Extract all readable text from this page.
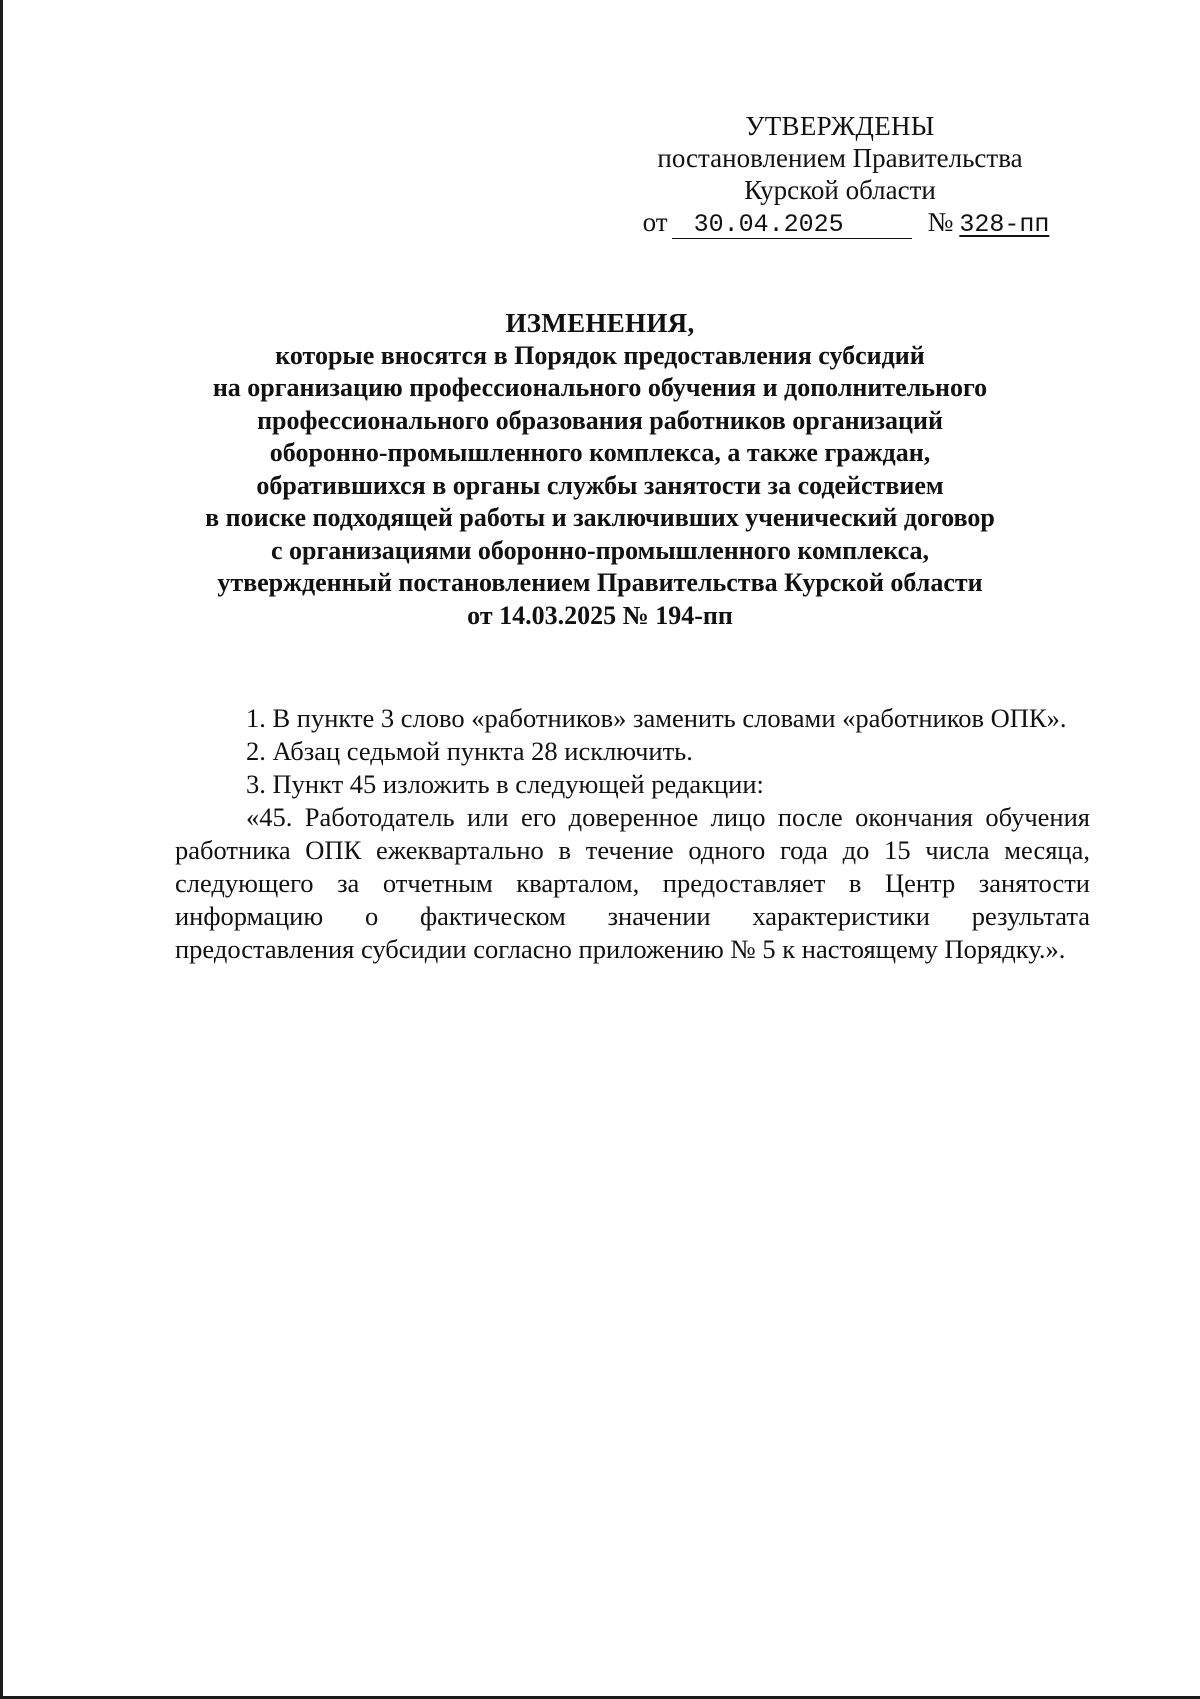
УТВЕРЖДЕНЫ
постановлением Правительства
Курской области
от	30.04.2025	№ 328-пп
ИЗМЕНЕНИЯ,
которые вносятся в Порядок предоставления субсидий
на организацию профессионального обучения и дополнительного
профессионального образования работников организаций
оборонно-промышленного комплекса, а также граждан,
обратившихся в органы службы занятости за содействием
в поиске подходящей работы и заключивших ученический договор
с организациями оборонно-промышленного комплекса,
утвержденный постановлением Правительства Курской области
от 14.03.2025 № 194-пп

1. В пункте 3 слово «работников» заменить словами «работников ОПК».

2. Абзац седьмой пункта 28 исключить.

3. Пункт 45 изложить в следующей редакции:

«45. Работодатель или его доверенное лицо после окончания обучения работника ОПК ежеквартально в течение одного года до 15 числа месяца, следующего за отчетным кварталом, предоставляет в Центр занятости информацию о фактическом значении характеристики результата предоставления субсидии согласно приложению № 5 к настоящему Порядку.».
